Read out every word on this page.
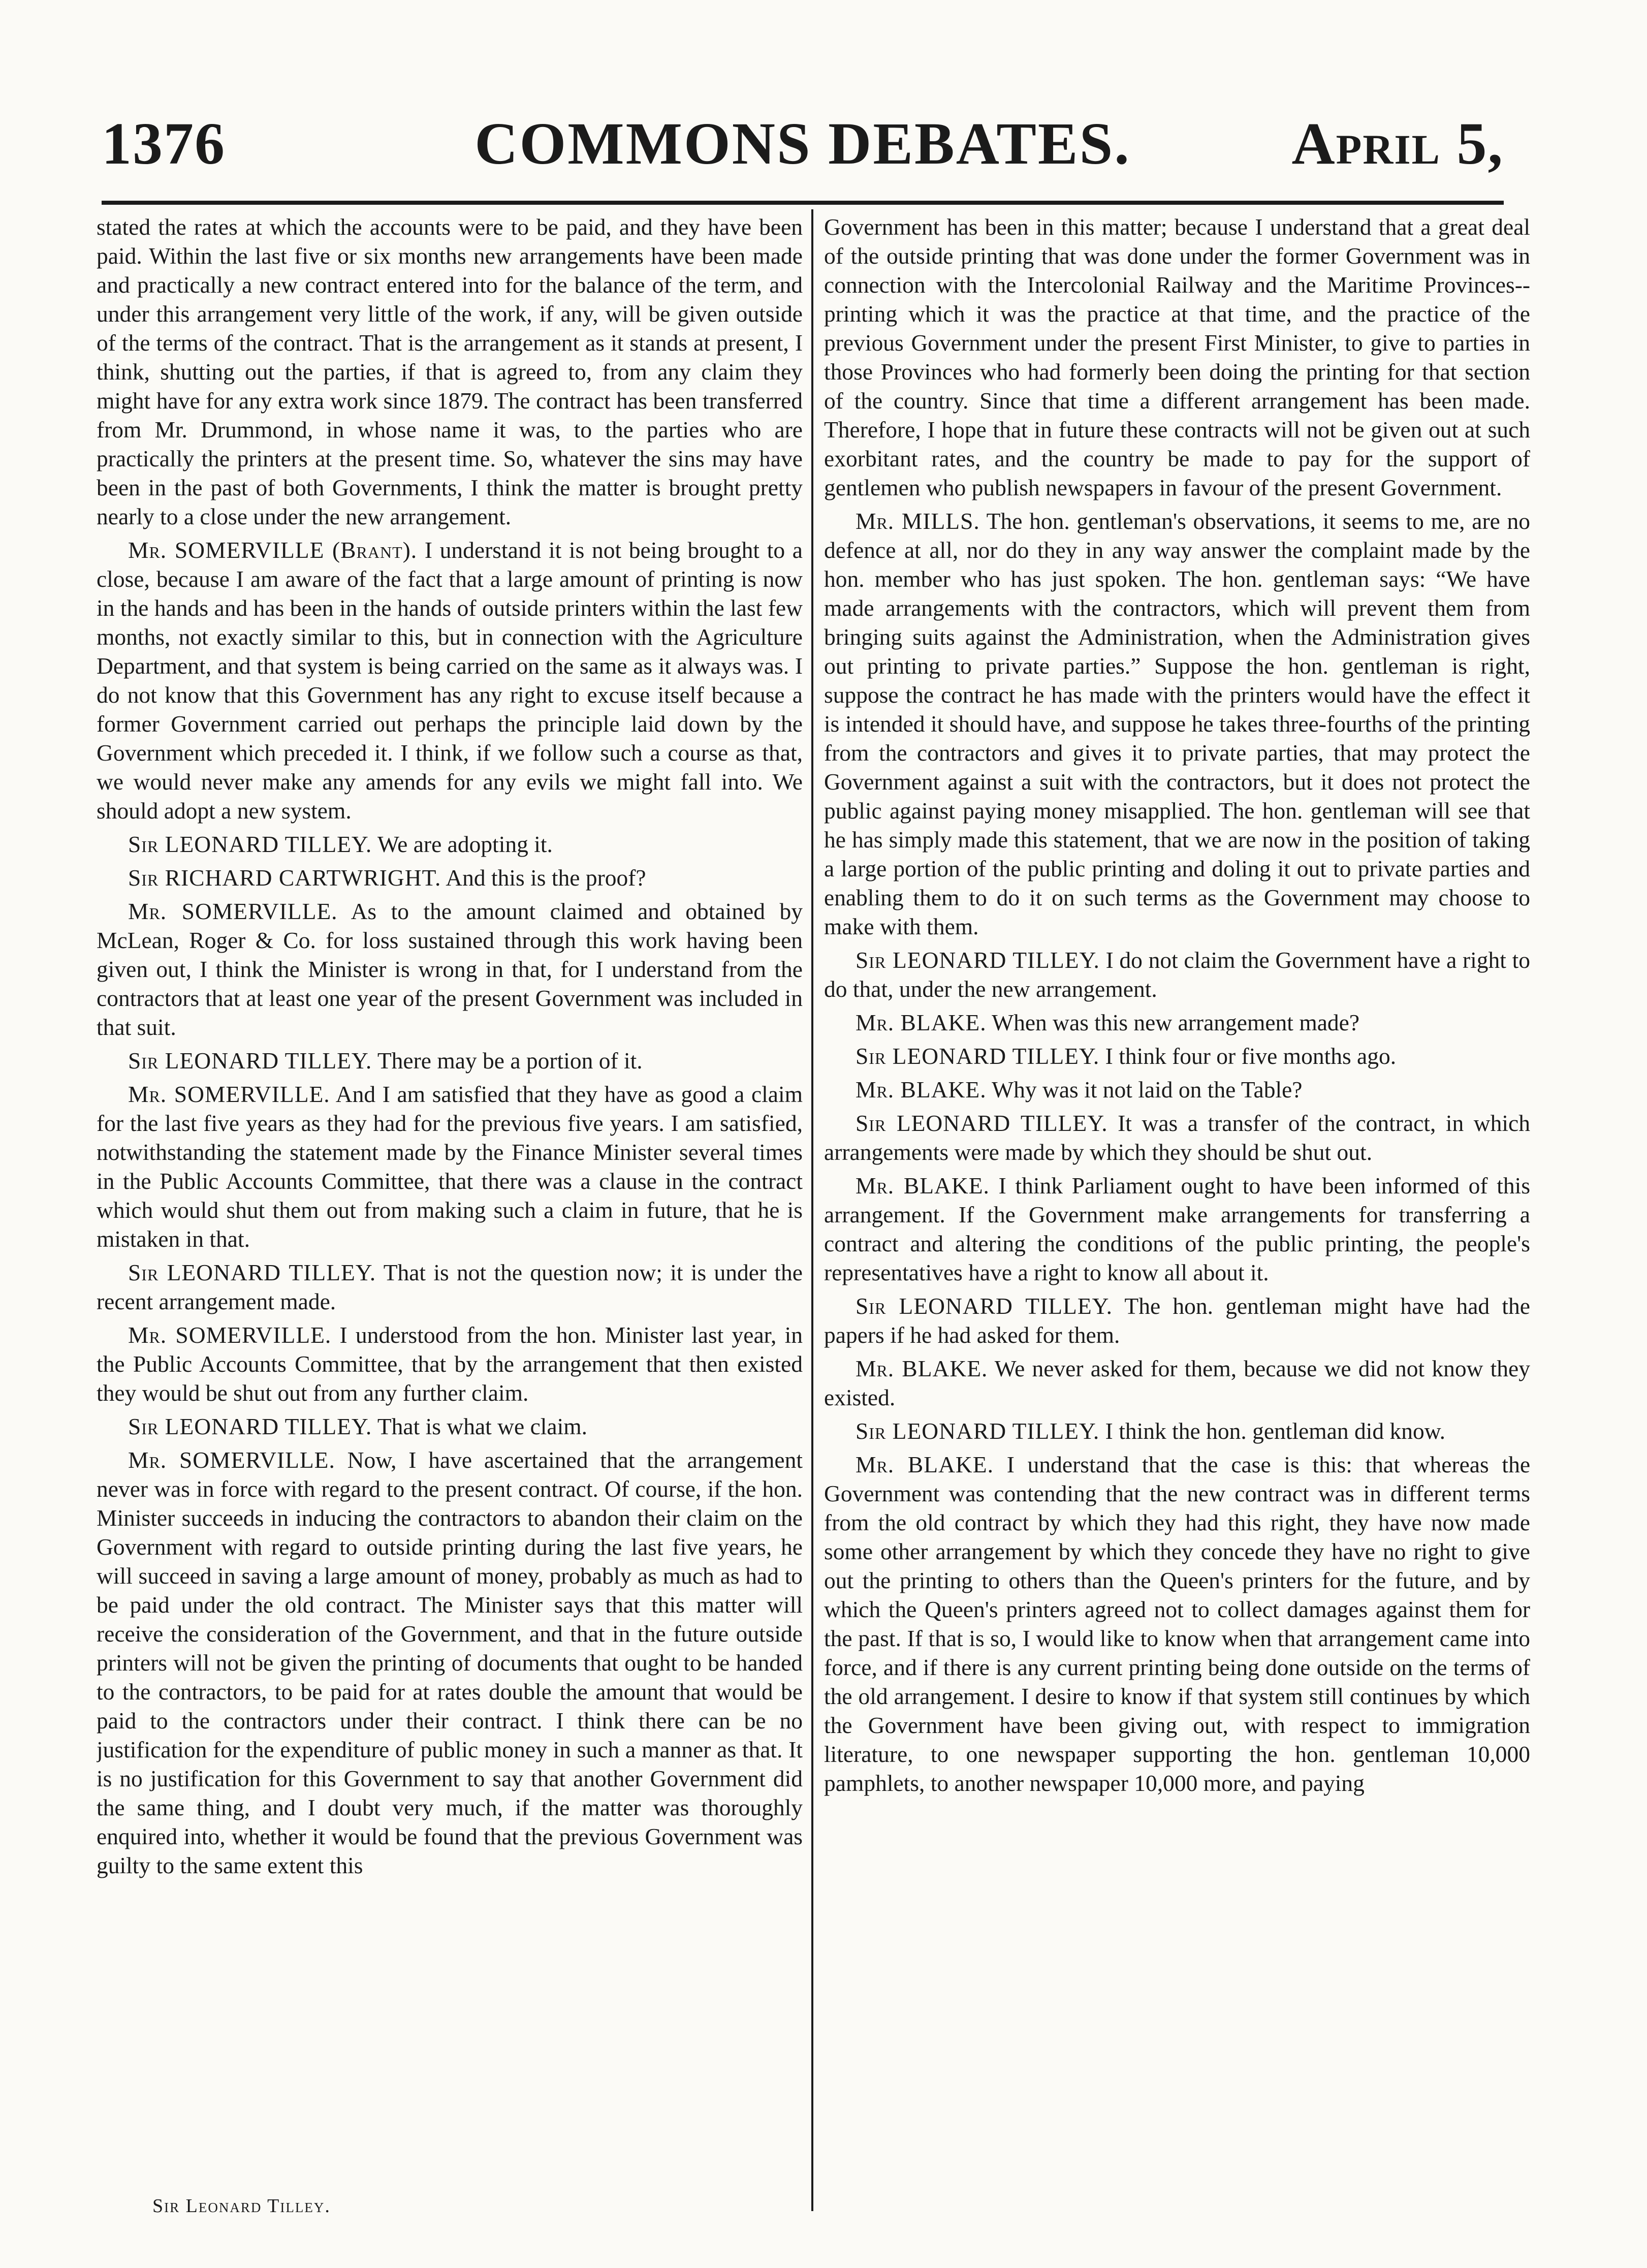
1376	COMMONS DEBATES.	April 5,

stated the rates at which the accounts were to be paid, and they have been paid. Within the last five or six months new arrangements have been made and practically a new contract entered into for the balance of the term, and under this arrangement very little of the work, if any, will be given outside of the terms of the contract. That is the arrangement as it stands at present, I think, shutting out the parties, if that is agreed to, from any claim they might have for any extra work since 1879. The contract has been transferred from Mr. Drummond, in whose name it was, to the parties who are practically the printers at the present time. So, whatever the sins may have been in the past of both Governments, I think the matter is brought pretty nearly to a close under the new arrangement.

Mr. SOMERVILLE (Brant). I understand it is not being brought to a close, because I am aware of the fact that a large amount of printing is now in the hands and has been in the hands of outside printers within the last few months, not exactly similar to this, but in connection with the Agriculture Department, and that system is being carried on the same as it always was. I do not know that this Government has any right to excuse itself because a former Government carried out perhaps the principle laid down by the Government which preceded it. I think, if we follow such a course as that, we would never make any amends for any evils we might fall into. We should adopt a new system.

Sir LEONARD TILLEY. We are adopting it.

Sir RICHARD CARTWRIGHT. And this is the proof?

Mr. SOMERVILLE. As to the amount claimed and obtained by McLean, Roger & Co. for loss sustained through this work having been given out, I think the Minister is wrong in that, for I understand from the contractors that at least one year of the present Government was included in that suit.

Sir LEONARD TILLEY. There may be a portion of it.

Mr. SOMERVILLE. And I am satisfied that they have as good a claim for the last five years as they had for the previous five years. I am satisfied, notwithstanding the statement made by the Finance Minister several times in the Public Accounts Committee, that there was a clause in the contract which would shut them out from making such a claim in future, that he is mistaken in that.

Sir LEONARD TILLEY. That is not the question now; it is under the recent arrangement made.

Mr. SOMERVILLE. I understood from the hon. Minister last year, in the Public Accounts Committee, that by the arrangement that then existed they would be shut out from any further claim.

Sir LEONARD TILLEY. That is what we claim.

Mr. SOMERVILLE. Now, I have ascertained that the arrangement never was in force with regard to the present contract. Of course, if the hon. Minister succeeds in inducing the contractors to abandon their claim on the Government with regard to outside printing during the last five years, he will succeed in saving a large amount of money, probably as much as had to be paid under the old contract. The Minister says that this matter will receive the consideration of the Government, and that in the future outside printers will not be given the printing of documents that ought to be handed to the contractors, to be paid for at rates double the amount that would be paid to the contractors under their contract. I think there can be no justification for the expenditure of public money in such a manner as that. It is no justification for this Government to say that another Government did the same thing, and I doubt very much, if the matter was thoroughly enquired into, whether it would be found that the previous Government was guilty to the same extent this

Government has been in this matter; because I understand that a great deal of the outside printing that was done under the former Government was in connection with the Intercolonial Railway and the Maritime Provinces--printing which it was the practice at that time, and the practice of the previous Government under the present First Minister, to give to parties in those Provinces who had formerly been doing the printing for that section of the country. Since that time a different arrangement has been made. Therefore, I hope that in future these contracts will not be given out at such exorbitant rates, and the country be made to pay for the support of gentlemen who publish newspapers in favour of the present Government.

Mr. MILLS. The hon. gentleman's observations, it seems to me, are no defence at all, nor do they in any way answer the complaint made by the hon. member who has just spoken. The hon. gentleman says: “We have made arrangements with the contractors, which will prevent them from bringing suits against the Administration, when the Administration gives out printing to private parties.” Suppose the hon. gentleman is right, suppose the contract he has made with the printers would have the effect it is intended it should have, and suppose he takes three-fourths of the printing from the contractors and gives it to private parties, that may protect the Government against a suit with the contractors, but it does not protect the public against paying money misapplied. The hon. gentleman will see that he has simply made this statement, that we are now in the position of taking a large portion of the public printing and doling it out to private parties and enabling them to do it on such terms as the Government may choose to make with them.

Sir LEONARD TILLEY. I do not claim the Government have a right to do that, under the new arrangement.

Mr. BLAKE. When was this new arrangement made?

Sir LEONARD TILLEY. I think four or five months ago.

Mr. BLAKE. Why was it not laid on the Table?

Sir LEONARD TILLEY. It was a transfer of the contract, in which arrangements were made by which they should be shut out.

Mr. BLAKE. I think Parliament ought to have been informed of this arrangement. If the Government make arrangements for transferring a contract and altering the conditions of the public printing, the people's representatives have a right to know all about it.

Sir LEONARD TILLEY. The hon. gentleman might have had the papers if he had asked for them.

Mr. BLAKE. We never asked for them, because we did not know they existed.

Sir LEONARD TILLEY. I think the hon. gentleman did know.

Mr. BLAKE. I understand that the case is this: that whereas the Government was contending that the new contract was in different terms from the old contract by which they had this right, they have now made some other arrangement by which they concede they have no right to give out the printing to others than the Queen's printers for the future, and by which the Queen's printers agreed not to collect damages against them for the past. If that is so, I would like to know when that arrangement came into force, and if there is any current printing being done outside on the terms of the old arrangement. I desire to know if that system still continues by which the Government have been giving out, with respect to immigration literature, to one newspaper supporting the hon. gentleman 10,000 pamphlets, to another newspaper 10,000 more, and paying

Sir Leonard Tilley.
